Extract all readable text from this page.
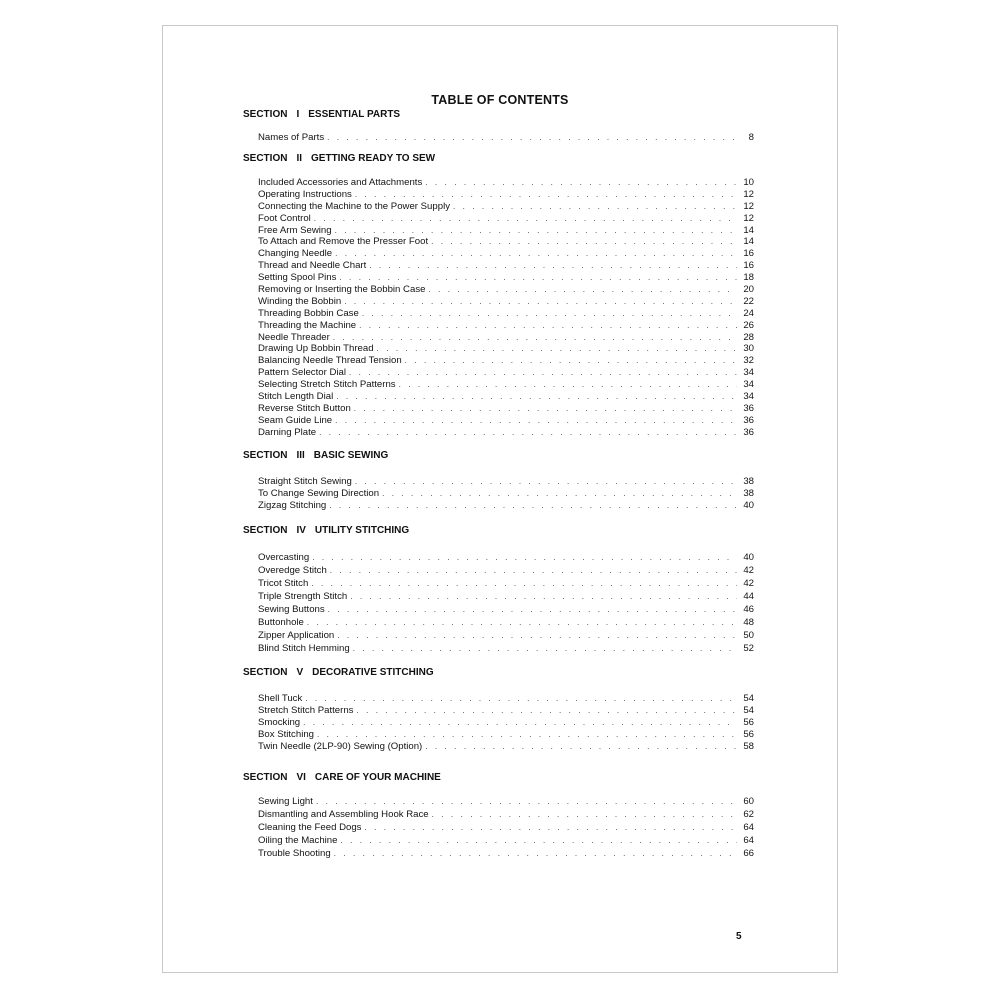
TABLE OF CONTENTS
SECTION I ESSENTIAL PARTS
Names of Parts . . .	8
SECTION II GETTING READY TO SEW
Included Accessories and Attachments . . .	10
Operating Instructions . . .	12
Connecting the Machine to the Power Supply . . .	12
Foot Control . . .	12
Free Arm Sewing . . .	14
To Attach and Remove the Presser Foot . . .	14
Changing Needle . . .	16
Thread and Needle Chart . . .	16
Setting Spool Pins . . .	18
Removing or Inserting the Bobbin Case . . .	20
Winding the Bobbin . . .	22
Threading Bobbin Case . . .	24
Threading the Machine . . .	26
Needle Threader . . .	28
Drawing Up Bobbin Thread . . .	30
Balancing Needle Thread Tension . . .	32
Pattern Selector Dial . . .	34
Selecting Stretch Stitch Patterns . . .	34
Stitch Length Dial . . .	34
Reverse Stitch Button . . .	36
Seam Guide Line . . .	36
Darning Plate . . .	36
SECTION III BASIC SEWING
Straight Stitch Sewing . . .	38
To Change Sewing Direction . . .	38
Zigzag Stitching . . .	40
SECTION IV UTILITY STITCHING
Overcasting . . .	40
Overedge Stitch . . .	42
Tricot Stitch . . .	42
Triple Strength Stitch . . .	44
Sewing Buttons . . .	46
Buttonhole . . .	48
Zipper Application . . .	50
Blind Stitch Hemming . . .	52
SECTION V DECORATIVE STITCHING
Shell Tuck . . .	54
Stretch Stitch Patterns . . .	54
Smocking . . .	56
Box Stitching . . .	56
Twin Needle (2LP-90) Sewing (Option) . . .	58
SECTION VI CARE OF YOUR MACHINE
Sewing Light . . .	60
Dismantling and Assembling Hook Race . . .	62
Cleaning the Feed Dogs . . .	64
Oiling the Machine . . .	64
Trouble Shooting . . .	66
5
